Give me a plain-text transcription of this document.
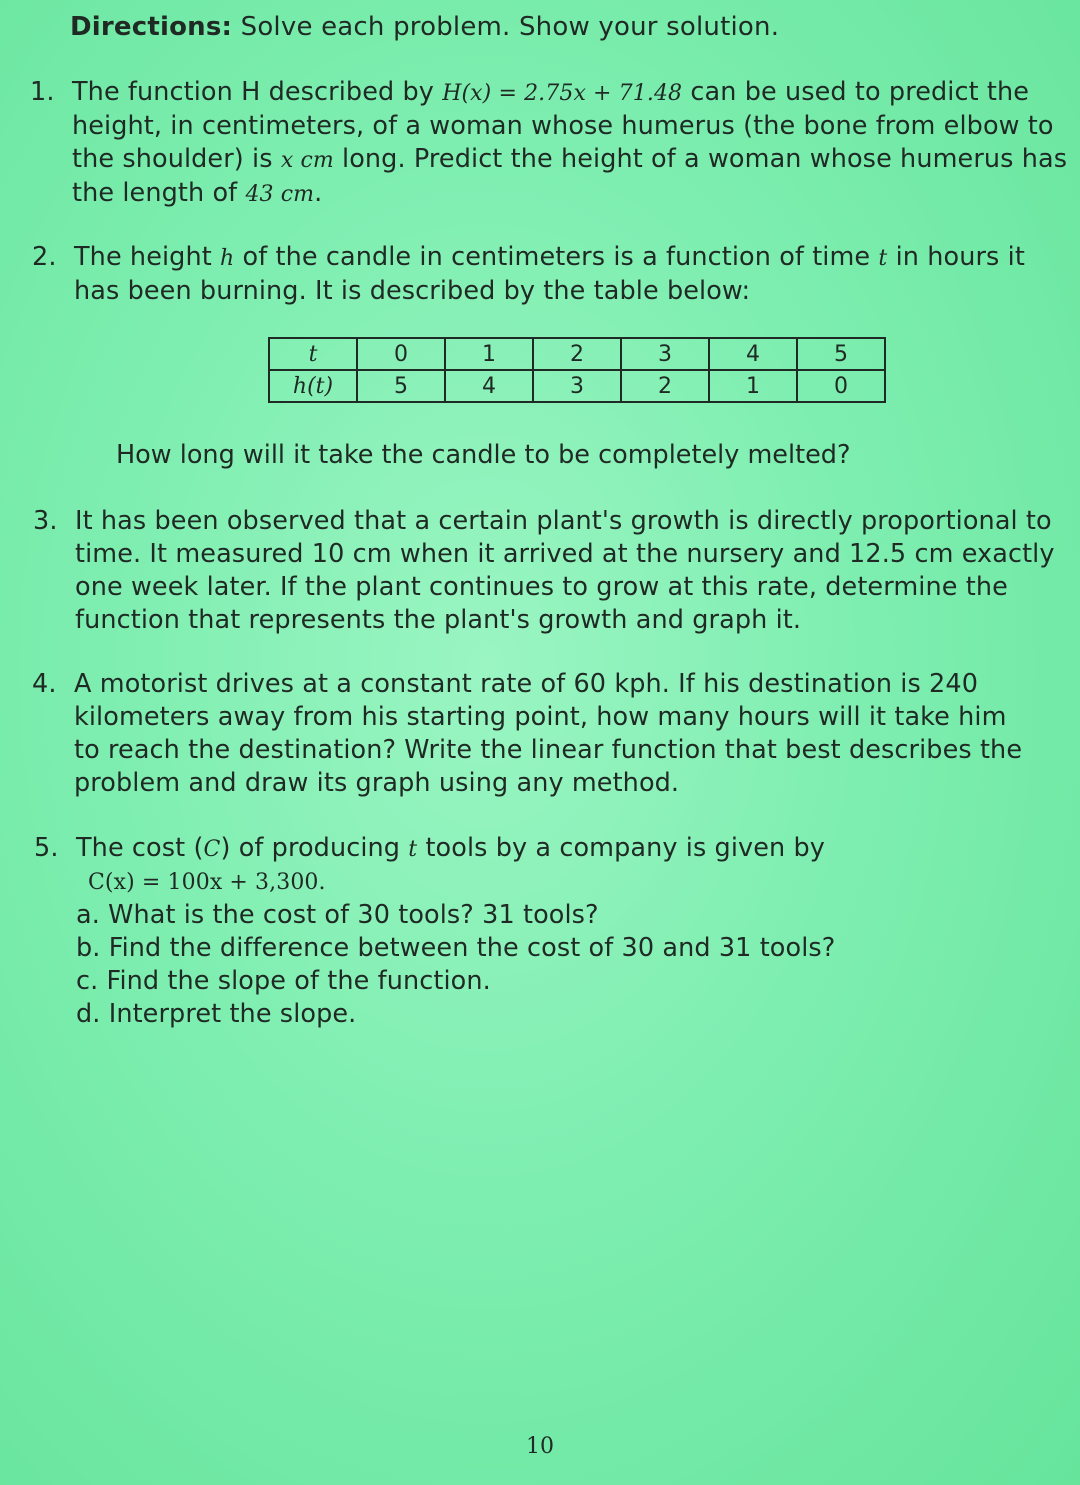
Directions: Solve each problem. Show your solution.
1. The function H described by H(x) = 2.75x + 71.48 can be used to predict the height, in centimeters, of a woman whose humerus (the bone from elbow to the shoulder) is x cm long. Predict the height of a woman whose humerus has the length of 43 cm.
2. The height h of the candle in centimeters is a function of time t in hours it has been burning. It is described by the table below:
t	0	1	2	3	4	5
h(t)	5	4	3	2	1	0
How long will it take the candle to be completely melted?
3. It has been observed that a certain plant's growth is directly proportional to time. It measured 10 cm when it arrived at the nursery and 12.5 cm exactly one week later. If the plant continues to grow at this rate, determine the function that represents the plant's growth and graph it.
4. A motorist drives at a constant rate of 60 kph. If his destination is 240 kilometers away from his starting point, how many hours will it take him to reach the destination? Write the linear function that best describes the problem and draw its graph using any method.
5. The cost (C) of producing t tools by a company is given by
C(x) = 100x + 3,300.
a. What is the cost of 30 tools? 31 tools?
b. Find the difference between the cost of 30 and 31 tools?
c. Find the slope of the function.
d. Interpret the slope.
10
